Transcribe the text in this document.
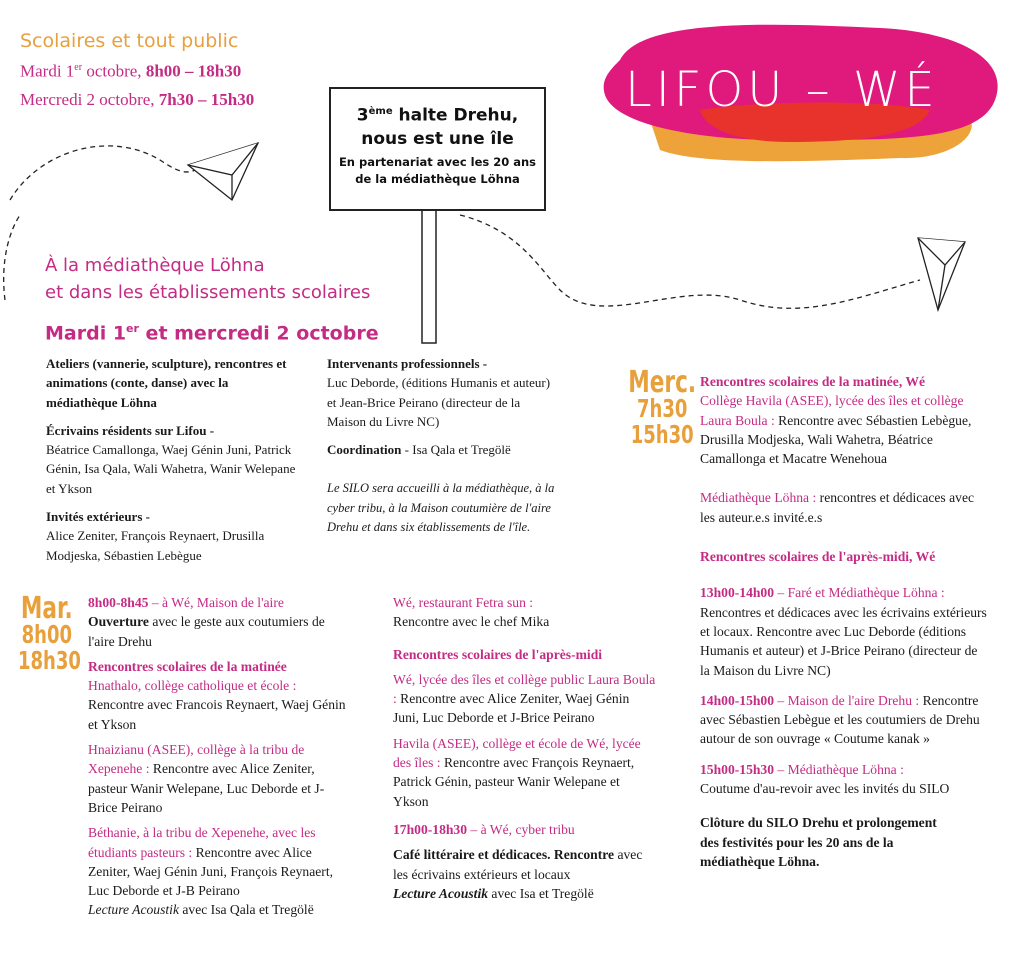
Scolaires et tout public
Mardi 1er octobre, 8h00 – 18h30
Mercredi 2 octobre, 7h30 – 15h30
3ème halte Drehu,
nous est une île
En partenariat avec les 20 ans
de la médiathèque Löhna
LIFOU – WÉ
À la médiathèque Löhna
et dans les établissements scolaires
Mardi 1er et mercredi 2 octobre

Ateliers (vannerie, sculpture), rencontres et animations (conte, danse) avec la médiathèque Löhna

Écrivains résidents sur Lifou -
Béatrice Camallonga, Waej Génin Juni, Patrick Génin, Isa Qala, Wali Wahetra, Wanir Welepane et Ykson

Invités extérieurs -
Alice Zeniter, François Reynaert, Drusilla Modjeska, Sébastien Lebègue

Intervenants professionnels -
Luc Deborde, (éditions Humanis et auteur) et Jean-Brice Peirano (directeur de la Maison du Livre NC)

Coordination - Isa Qala et Tregölë

Le SILO sera accueilli à la médiathèque, à la cyber tribu, à la Maison coutumière de l'aire Drehu et dans six établissements de l'île.

Merc.
7h30
15h30
Rencontres scolaires de la matinée, Wé

Collège Havila (ASEE), lycée des îles et collège Laura Boula : Rencontre avec Sébastien Lebègue, Drusilla Modjeska, Wali Wahetra, Béatrice Camallonga et Macatre Wenehoua

Médiathèque Löhna : rencontres et dédicaces avec les auteur.e.s invité.e.s

Rencontres scolaires de l'après-midi, Wé

13h00-14h00 – Faré et Médiathèque Löhna : Rencontres et dédicaces avec les écrivains extérieurs et locaux. Rencontre avec Luc Deborde (éditions Humanis et auteur) et J-Brice Peirano (directeur de la Maison du Livre NC)

14h00-15h00 – Maison de l'aire Drehu : Rencontre avec Sébastien Lebègue et les coutumiers de Drehu autour de son ouvrage « Coutume kanak »

15h00-15h30 – Médiathèque Löhna :
Coutume d'au-revoir avec les invités du SILO

Clôture du SILO Drehu et prolongement des festivités pour les 20 ans de la médiathèque Löhna.

Mar.
8h00
18h30

8h00-8h45 – à Wé, Maison de l'aire
Ouverture avec le geste aux coutumiers de l'aire Drehu

Rencontres scolaires de la matinée

Hnathalo, collège catholique et école : Rencontre avec Francois Reynaert, Waej Génin et Ykson

Hnaizianu (ASEE), collège à la tribu de Xepenehe : Rencontre avec Alice Zeniter, pasteur Wanir Welepane, Luc Deborde et J-Brice Peirano

Béthanie, à la tribu de Xepenehe, avec les étudiants pasteurs : Rencontre avec Alice Zeniter, Waej Génin Juni, François Reynaert, Luc Deborde et J-B Peirano
Lecture Acoustik avec Isa Qala et Tregölë

Wé, restaurant Fetra sun :
Rencontre avec le chef Mika

Rencontres scolaires de l'après-midi

Wé, lycée des îles et collège public Laura Boula : Rencontre avec Alice Zeniter, Waej Génin Juni, Luc Deborde et J-Brice Peirano

Havila (ASEE), collège et école de Wé, lycée des îles : Rencontre avec François Reynaert, Patrick Génin, pasteur Wanir Welepane et Ykson

17h00-18h30 – à Wé, cyber tribu

Café littéraire et dédicaces. Rencontre avec les écrivains extérieurs et locaux
Lecture Acoustik avec Isa et Tregölë
